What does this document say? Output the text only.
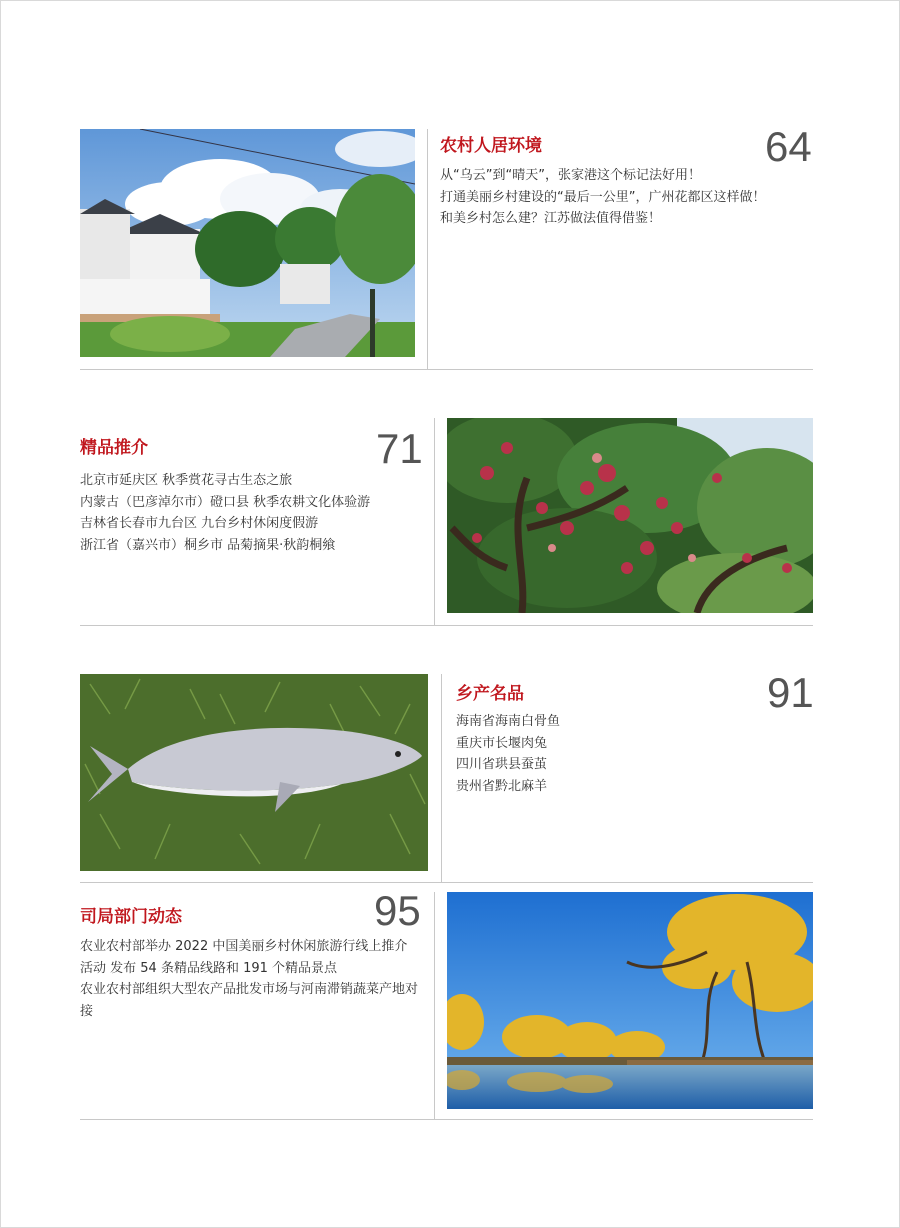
农村人居环境	64
从“乌云”到“晴天”，张家港这个标记法好用！
打通美丽乡村建设的“最后一公里”，广州花都区这样做！
和美乡村怎么建？江苏做法值得借鉴！
精品推介	71
北京市延庆区 秋季赏花寻古生态之旅
内蒙古（巴彦淖尔市）磴口县 秋季农耕文化体验游
吉林省长春市九台区 九台乡村休闲度假游
浙江省（嘉兴市）桐乡市 品菊摘果·秋韵桐飨
乡产名品	91
海南省海南白骨鱼
重庆市长堰肉兔
四川省珙县蚕茧
贵州省黔北麻羊
司局部门动态	95
农业农村部举办 2022 中国美丽乡村休闲旅游行线上推介活动 发布 54 条精品线路和 191 个精品景点
农业农村部组织大型农产品批发市场与河南滞销蔬菜产地对接
